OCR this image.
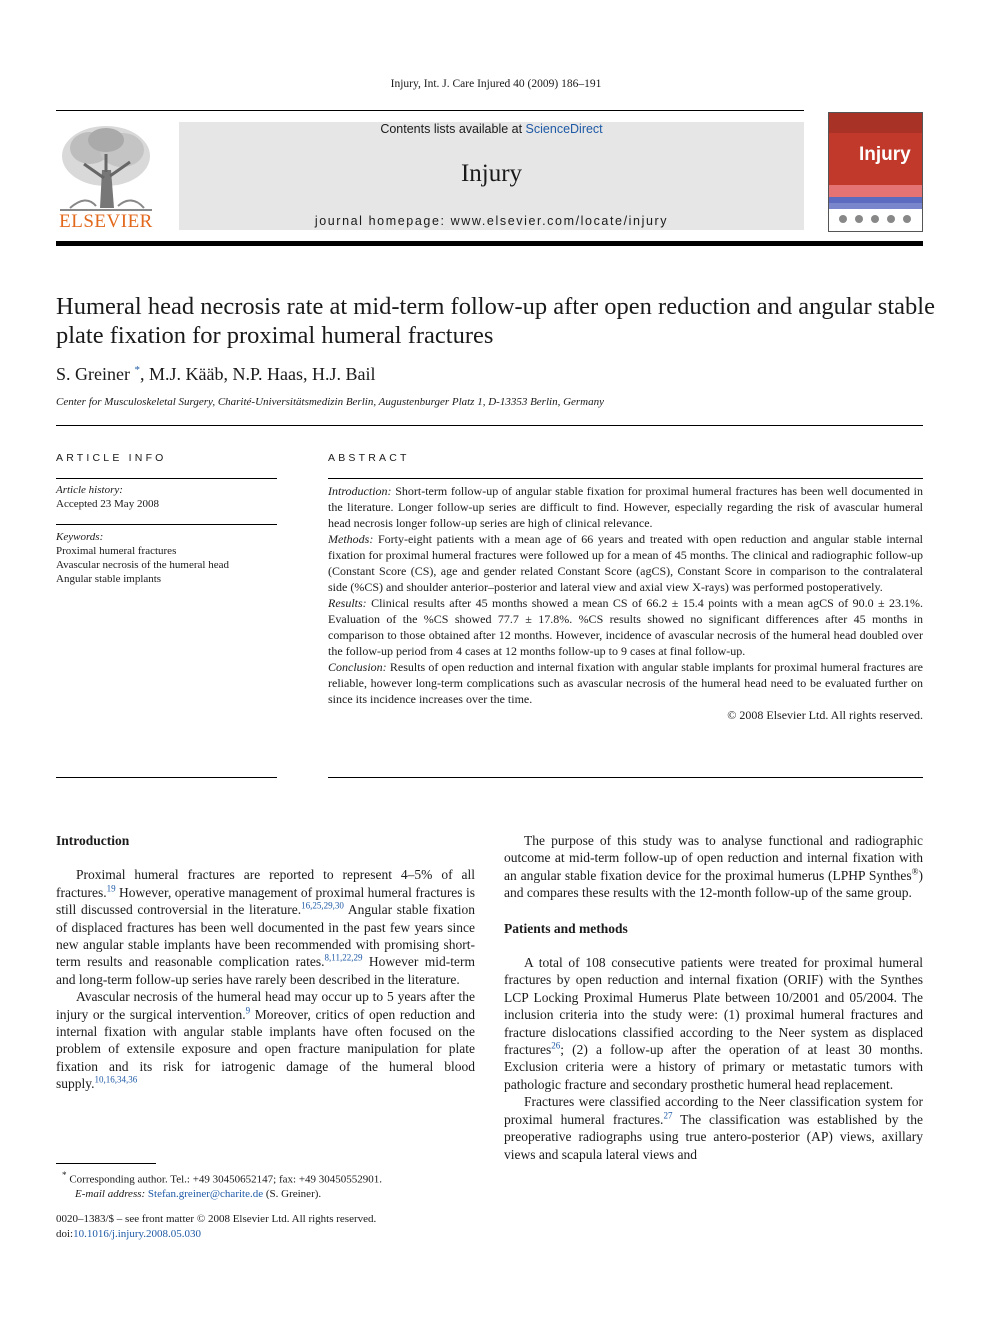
Injury, Int. J. Care Injured 40 (2009) 186–191
ELSEVIER
Contents lists available at ScienceDirect
Injury
journal homepage: www.elsevier.com/locate/injury
Injury
Humeral head necrosis rate at mid-term follow-up after open reduction and angular stable plate fixation for proximal humeral fractures
S. Greiner *, M.J. Kääb, N.P. Haas, H.J. Bail
Center for Musculoskeletal Surgery, Charité-Universitätsmedizin Berlin, Augustenburger Platz 1, D-13353 Berlin, Germany
ARTICLE INFO
Article history:
Accepted 23 May 2008
Keywords:
Proximal humeral fractures
Avascular necrosis of the humeral head
Angular stable implants
ABSTRACT

Introduction: Short-term follow-up of angular stable fixation for proximal humeral fractures has been well documented in the literature. Longer follow-up series are difficult to find. However, especially regarding the risk of avascular humeral head necrosis longer follow-up series are high of clinical relevance.

Methods: Forty-eight patients with a mean age of 66 years and treated with open reduction and angular stable internal fixation for proximal humeral fractures were followed up for a mean of 45 months. The clinical and radiographic follow-up (Constant Score (CS), age and gender related Constant Score (agCS), Constant Score in comparison to the contralateral side (%CS) and shoulder anterior–posterior and lateral view and axial view X-rays) was performed postoperatively.

Results: Clinical results after 45 months showed a mean CS of 66.2 ± 15.4 points with a mean agCS of 90.0 ± 23.1%. Evaluation of the %CS showed 77.7 ± 17.8%. %CS results showed no significant differences after 45 months in comparison to those obtained after 12 months. However, incidence of avascular necrosis of the humeral head doubled over the follow-up period from 4 cases at 12 months follow-up to 9 cases at final follow-up.

Conclusion: Results of open reduction and internal fixation with angular stable implants for proximal humeral fractures are reliable, however long-term complications such as avascular necrosis of the humeral head need to be evaluated further on since its incidence increases over the time.

© 2008 Elsevier Ltd. All rights reserved.

Introduction

Proximal humeral fractures are reported to represent 4–5% of all fractures.$^{19}$ However, operative management of proximal humeral fractures is still discussed controversial in the literature.$^{16,25,29,30}$ Angular stable fixation of displaced fractures has been well documented in the past few years since new angular stable implants have been recommended with promising short-term results and reasonable complication rates.$^{8,11,22,29}$ However mid-term and long-term follow-up series have rarely been described in the literature.

Avascular necrosis of the humeral head may occur up to 5 years after the injury or the surgical intervention.$^9$ Moreover, critics of open reduction and internal fixation with angular stable implants have often focused on the problem of extensile exposure and open fracture manipulation for plate fixation and its risk for iatrogenic damage of the humeral blood supply.$^{10,16,34,36}$

The purpose of this study was to analyse functional and radiographic outcome at mid-term follow-up of open reduction and internal fixation with an angular stable fixation device for the proximal humerus (LPHP Synthes®) and compares these results with the 12-month follow-up of the same group.

Patients and methods

A total of 108 consecutive patients were treated for proximal humeral fractures by open reduction and internal fixation (ORIF) with the Synthes LCP Locking Proximal Humerus Plate between 10/2001 and 05/2004. The inclusion criteria into the study were: (1) proximal humeral fractures and fracture dislocations classified according to the Neer system as displaced fractures$^{26}$; (2) a follow-up after the operation of at least 30 months. Exclusion criteria were a history of primary or metastatic tumors with pathologic fracture and secondary prosthetic humeral head replacement.

Fractures were classified according to the Neer classification system for proximal humeral fractures.$^{27}$ The classification was established by the preoperative radiographs using true antero-posterior (AP) views, axillary views and scapula lateral views and

* Corresponding author. Tel.: +49 30450652147; fax: +49 30450552901.
E-mail address: Stefan.greiner@charite.de (S. Greiner).
0020–1383/$ – see front matter © 2008 Elsevier Ltd. All rights reserved.
doi:10.1016/j.injury.2008.05.030
